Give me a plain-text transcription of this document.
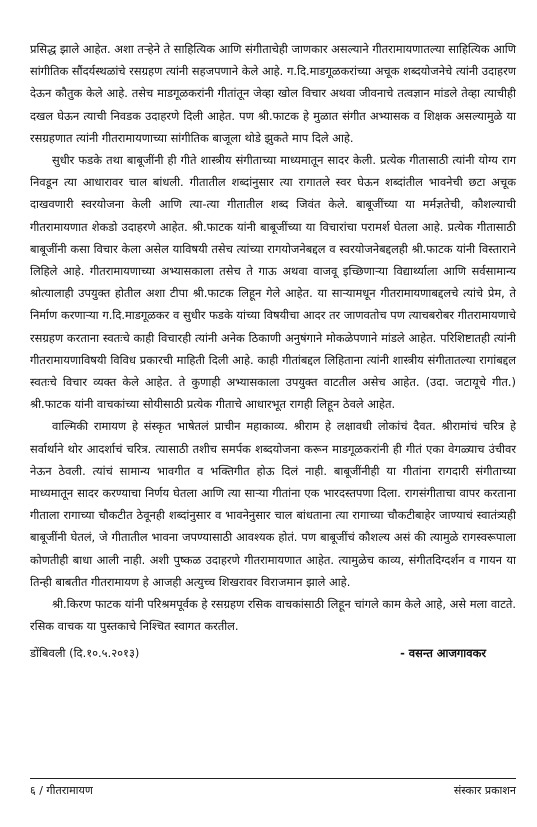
प्रसिद्ध झाले आहेत. अशा तऱ्हेने ते साहित्यिक आणि संगीताचेही जाणकार असल्याने गीतरामायणातल्या साहित्यिक आणि सांगीतिक सौंदर्यस्थळांचे रसग्रहण त्यांनी सहजपणाने केले आहे. ग.दि.माडगूळकरांच्या अचूक शब्दयोजनेचे त्यांनी उदाहरण देऊन कौतुक केले आहे. तसेच माडगूळकरांनी गीतांतून जेव्हा खोल विचार अथवा जीवनाचे तत्वज्ञान मांडले तेव्हा त्याचीही दखल घेऊन त्याची निवडक उदाहरणे दिली आहेत. पण श्री.फाटक हे मुळात संगीत अभ्यासक व शिक्षक असल्यामुळे या रसग्रहणात त्यांनी गीतरामायणाच्या सांगीतिक बाजूला थोडे झुकते माप दिले आहे.

सुधीर फडके तथा बाबूजींनी ही गीते शास्त्रीय संगीताच्या माध्यमातून सादर केली. प्रत्येक गीतासाठी त्यांनी योग्य राग निवडून त्या आधारावर चाल बांधली. गीतातील शब्दांनुसार त्या रागातले स्वर घेऊन शब्दांतील भावनेची छटा अचूक दाखवणारी स्वरयोजना केली आणि त्या-त्या गीतातील शब्द जिवंत केले. बाबूजींच्या या मर्मज्ञतेची, कौशल्याची गीतरामायणात शेकडो उदाहरणे आहेत. श्री.फाटक यांनी बाबूजींच्या या विचारांचा परामर्श घेतला आहे. प्रत्येक गीतासाठी बाबूजींनी कसा विचार केला असेल याविषयी तसेच त्यांच्या रागयोजनेबद्दल व स्वरयोजनेबद्दलही श्री.फाटक यांनी विस्ताराने लिहिले आहे. गीतरामायणाच्या अभ्यासकाला तसेच ते गाऊ अथवा वाजवू इच्छिणाऱ्या विद्यार्थ्याला आणि सर्वसामान्य श्रोत्यालाही उपयुक्त होतील अशा टीपा श्री.फाटक लिहून गेले आहेत. या साऱ्यामधून गीतरामायणाबद्दलचे त्यांचे प्रेम, ते निर्माण करणाऱ्या ग.दि.माडगूळकर व सुधीर फडके यांच्या विषयीचा आदर तर जाणवतोच पण त्याचबरोबर गीतरामायणाचे रसग्रहण करताना स्वतःचे काही विचारही त्यांनी अनेक ठिकाणी अनुषंगाने मोकळेपणाने मांडले आहेत. परिशिष्टातही त्यांनी गीतरामायणाविषयी विविध प्रकारची माहिती दिली आहे. काही गीतांबद्दल लिहिताना त्यांनी शास्त्रीय संगीतातल्या रागांबद्दल स्वतःचे विचार व्यक्त केले आहेत. ते कुणाही अभ्यासकाला उपयुक्त वाटतील असेच आहेत. (उदा. जटायूचे गीत.) श्री.फाटक यांनी वाचकांच्या सोयीसाठी प्रत्येक गीताचे आधारभूत रागही लिहून ठेवले आहेत.

वाल्मिकी रामायण हे संस्कृत भाषेतलं प्राचीन महाकाव्य. श्रीराम हे लक्षावधी लोकांचं दैवत. श्रीरामांचं चरित्र हे सर्वार्थाने थोर आदर्शाचं चरित्र. त्यासाठी तशीच समर्पक शब्दयोजना करून माडगूळकरांनी ही गीतं एका वेगळ्याच उंचीवर नेऊन ठेवली. त्यांचं सामान्य भावगीत व भक्तिगीत होऊ दिलं नाही. बाबूजींनीही या गीतांना रागदारी संगीताच्या माध्यमातून सादर करण्याचा निर्णय घेतला आणि त्या साऱ्या गीतांना एक भारदस्तपणा दिला. रागसंगीताचा वापर करताना गीताला रागाच्या चौकटीत ठेवूनही शब्दांनुसार व भावनेनुसार चाल बांधताना त्या रागाच्या चौकटीबाहेर जाण्याचं स्वातंत्र्यही बाबूजींनी घेतलं, जे गीतातील भावना जपण्यासाठी आवश्यक होतं. पण बाबूजींचं कौशल्य असं की त्यामुळे रागस्वरूपाला कोणतीही बाधा आली नाही. अशी पुष्कळ उदाहरणे गीतरामायणात आहेत. त्यामुळेच काव्य, संगीतदिग्दर्शन व गायन या तिन्ही बाबतीत गीतरामायण हे आजही अत्युच्च शिखरावर विराजमान झाले आहे.

श्री.किरण फाटक यांनी परिश्रमपूर्वक हे रसग्रहण रसिक वाचकांसाठी लिहून चांगले काम केले आहे, असे मला वाटते. रसिक वाचक या पुस्तकाचे निश्चित स्वागत करतील.

डोंबिवली (दि.१०.५.२०१३)	- वसन्त आजगावकर
६ / गीतरामायण	संस्कार प्रकाशन
